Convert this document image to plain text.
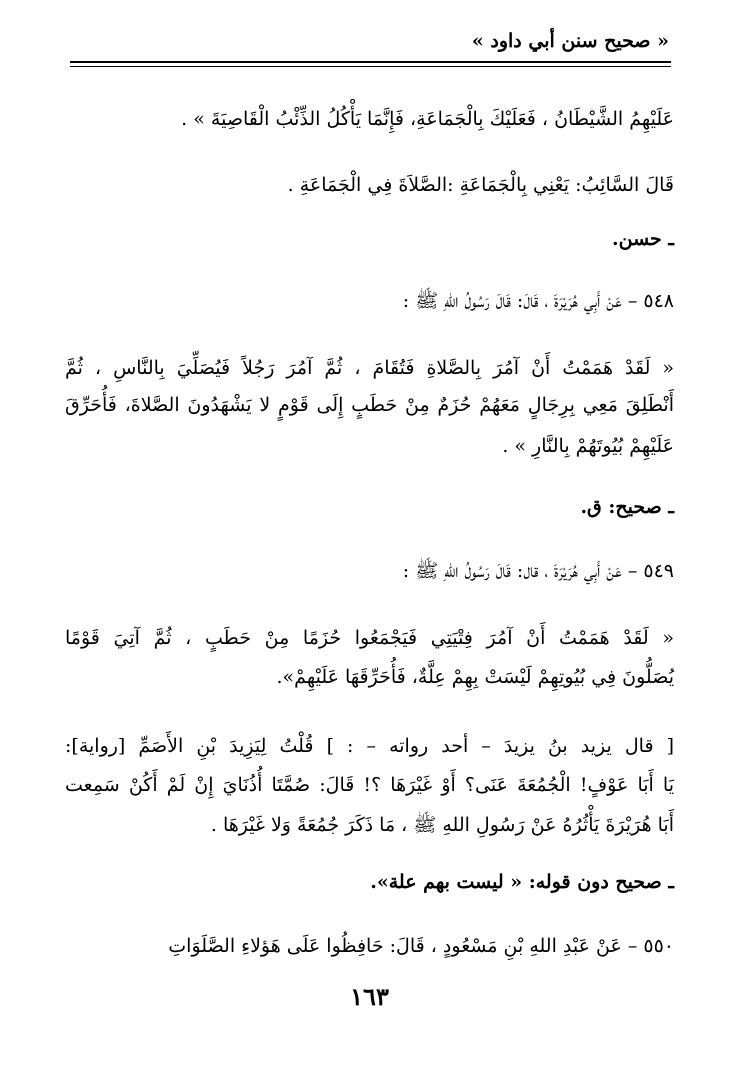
« صحيح سنن أبي داود »
عَلَيْهِمُ الشَّيْطَانُ ، فَعَلَيْكَ بِالْجَمَاعَةِ، فَإِنَّمَا يَأْكُلُ الذِّئْبُ الْقَاصِيَةَ » .
قَالَ السَّائِبُ: يَعْنِي بِالْجَمَاعَةِ :الصَّلاَةَ فِي الْجَمَاعَةِ .
ـ حسن.
٥٤٨ – عَنْ أَبِي هُرَيْرَةَ ، قَالَ: قَالَ رَسُولُ اللهِ ﷺ :
« لَقَدْ هَمَمْتُ أَنْ آمُرَ بِالصَّلاةِ فَتُقَامَ ، ثُمَّ آمُرَ رَجُلاً فَيُصَلِّيَ بِالنَّاسِ ، ثُمَّ
أَنْطَلِقَ مَعِي بِرِجَالٍ مَعَهُمْ حُزَمٌ مِنْ حَطَبٍ إِلَى قَوْمٍ لا يَشْهَدُونَ الصَّلاةَ، فَأُحَرِّقَ
عَلَيْهِمْ بُيُوتَهُمْ بِالنَّارِ » .
ـ صحيح: ق.
٥٤٩ – عَنْ أَبِي هُرَيْرَةَ ، قال: قَالَ رَسُولُ اللهِ ﷺ :
« لَقَدْ هَمَمْتُ أَنْ آمُرَ فِتْيَتِي فَيَجْمَعُوا حُزَمًا مِنْ حَطَبٍ ، ثُمَّ آتِيَ قَوْمًا
يُصَلُّونَ فِي بُيُوتِهِمْ لَيْسَتْ بِهِمْ عِلَّةٌ، فَأُحَرِّقَهَا عَلَيْهِمْ».
[ قال يزيد بنُ يزيدَ – أحد رواته – : ] قُلْتُ لِيَزِيدَ بْنِ الأَصَمِّ [رواية]:
يَا أَبَا عَوْفٍ! الْجُمُعَةَ عَنَى؟ أَوْ غَيْرَهَا ؟! قَالَ: صُمَّتَا أُذُنَايَ إِنْ لَمْ أَكُنْ سَمِعت
أَبَا هُرَيْرَةَ يَأْثُرُهُ عَنْ رَسُولِ اللهِ ﷺ ، مَا ذَكَرَ جُمُعَةً وَلا غَيْرَهَا .
ـ صحيح دون قوله: « ليست بهم علة».
٥٥٠ – عَنْ عَبْدِ اللهِ بْنِ مَسْعُودٍ ، قَالَ: حَافِظُوا عَلَى هَؤلاءِ الصَّلَوَاتِ
١٦٣
